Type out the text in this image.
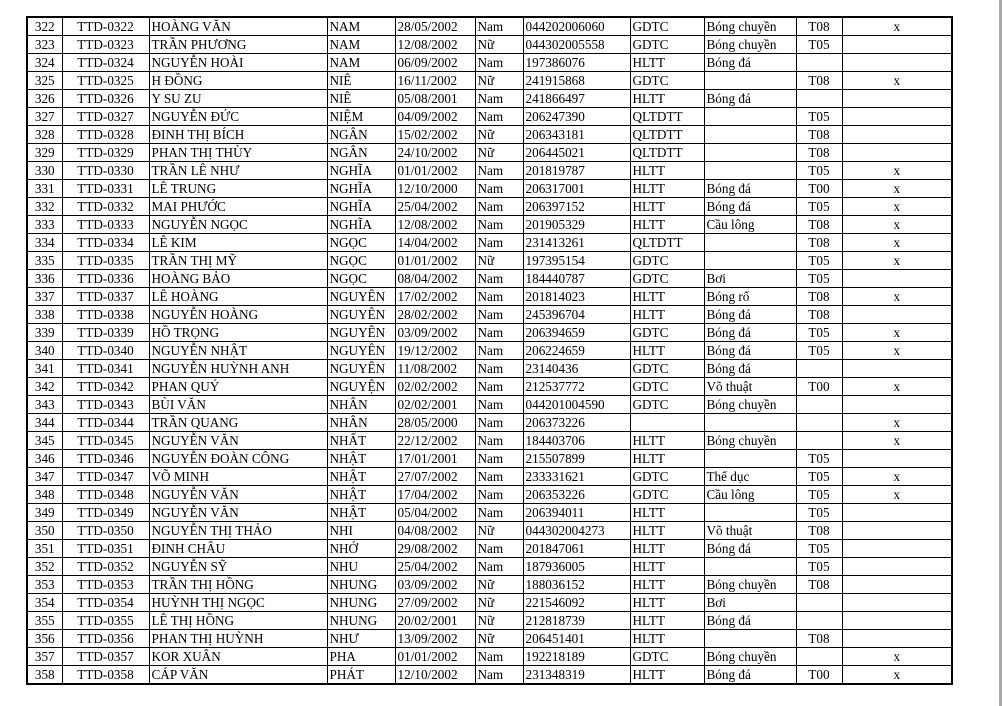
322	TTD-0322	HOÀNG VĂN	NAM	28/05/2002	Nam	044202006060	GDTC	Bóng chuyền	T08	x
323	TTD-0323	TRẦN PHƯƠNG	NAM	12/08/2002	Nữ	044302005558	GDTC	Bóng chuyền	T05	
324	TTD-0324	NGUYỄN HOÀI	NAM	06/09/2002	Nam	197386076	HLTT	Bóng đá		
325	TTD-0325	H ĐỒNG	NIÊ	16/11/2002	Nữ	241915868	GDTC		T08	x
326	TTD-0326	Y SU ZU	NIÊ	05/08/2001	Nam	241866497	HLTT	Bóng đá		
327	TTD-0327	NGUYỄN ĐỨC	NIỆM	04/09/2002	Nam	206247390	QLTDTT		T05	
328	TTD-0328	ĐINH THỊ BÍCH	NGÂN	15/02/2002	Nữ	206343181	QLTDTT		T08	
329	TTD-0329	PHAN THỊ THÙY	NGÂN	24/10/2002	Nữ	206445021	QLTDTT		T08	
330	TTD-0330	TRẦN LÊ NHƯ	NGHĨA	01/01/2002	Nam	201819787	HLTT		T05	x
331	TTD-0331	LÊ TRUNG	NGHĨA	12/10/2000	Nam	206317001	HLTT	Bóng đá	T00	x
332	TTD-0332	MAI PHƯỚC	NGHĨA	25/04/2002	Nam	206397152	HLTT	Bóng đá	T05	x
333	TTD-0333	NGUYỄN NGỌC	NGHĨA	12/08/2002	Nam	201905329	HLTT	Cầu lông	T08	x
334	TTD-0334	LÊ KIM	NGỌC	14/04/2002	Nam	231413261	QLTDTT		T08	x
335	TTD-0335	TRẦN THỊ MỸ	NGỌC	01/01/2002	Nữ	197395154	GDTC		T05	x
336	TTD-0336	HOÀNG BẢO	NGỌC	08/04/2002	Nam	184440787	GDTC	Bơi	T05	
337	TTD-0337	LÊ HOÀNG	NGUYÊN	17/02/2002	Nam	201814023	HLTT	Bóng rổ	T08	x
338	TTD-0338	NGUYỄN HOÀNG	NGUYÊN	28/02/2002	Nam	245396704	HLTT	Bóng đá	T08	
339	TTD-0339	HỒ TRỌNG	NGUYÊN	03/09/2002	Nam	206394659	GDTC	Bóng đá	T05	x
340	TTD-0340	NGUYỄN NHẬT	NGUYÊN	19/12/2002	Nam	206224659	HLTT	Bóng đá	T05	x
341	TTD-0341	NGUYỄN HUỲNH ANH	NGUYÊN	11/08/2002	Nam	23140436	GDTC	Bóng đá		
342	TTD-0342	PHAN QUÝ	NGUYỆN	02/02/2002	Nam	212537772	GDTC	Võ thuật	T00	x
343	TTD-0343	BÙI VĂN	NHÂN	02/02/2001	Nam	044201004590	GDTC	Bóng chuyền		
344	TTD-0344	TRẦN QUANG	NHÂN	28/05/2000	Nam	206373226				x
345	TTD-0345	NGUYỄN VĂN	NHẤT	22/12/2002	Nam	184403706	HLTT	Bóng chuyền		x
346	TTD-0346	NGUYỄN ĐOÀN CÔNG	NHẬT	17/01/2001	Nam	215507899	HLTT		T05	
347	TTD-0347	VÕ MINH	NHẬT	27/07/2002	Nam	233331621	GDTC	Thể dục	T05	x
348	TTD-0348	NGUYỄN VĂN	NHẬT	17/04/2002	Nam	206353226	GDTC	Cầu lông	T05	x
349	TTD-0349	NGUYỄN VĂN	NHẬT	05/04/2002	Nam	206394011	HLTT		T05	
350	TTD-0350	NGUYỄN THỊ THẢO	NHI	04/08/2002	Nữ	044302004273	HLTT	Võ thuật	T08	
351	TTD-0351	ĐINH CHÂU	NHỚ	29/08/2002	Nam	201847061	HLTT	Bóng đá	T05	
352	TTD-0352	NGUYỄN SỸ	NHU	25/04/2002	Nam	187936005	HLTT		T05	
353	TTD-0353	TRẦN THỊ HỒNG	NHUNG	03/09/2002	Nữ	188036152	HLTT	Bóng chuyền	T08	
354	TTD-0354	HUỲNH THỊ NGỌC	NHUNG	27/09/2002	Nữ	221546092	HLTT	Bơi		
355	TTD-0355	LÊ THỊ HỒNG	NHUNG	20/02/2001	Nữ	212818739	HLTT	Bóng đá		
356	TTD-0356	PHAN THỊ HUỲNH	NHƯ	13/09/2002	Nữ	206451401	HLTT		T08	
357	TTD-0357	KOR XUÂN	PHA	01/01/2002	Nam	192218189	GDTC	Bóng chuyền		x
358	TTD-0358	CÁP VĂN	PHÁT	12/10/2002	Nam	231348319	HLTT	Bóng đá	T00	x
